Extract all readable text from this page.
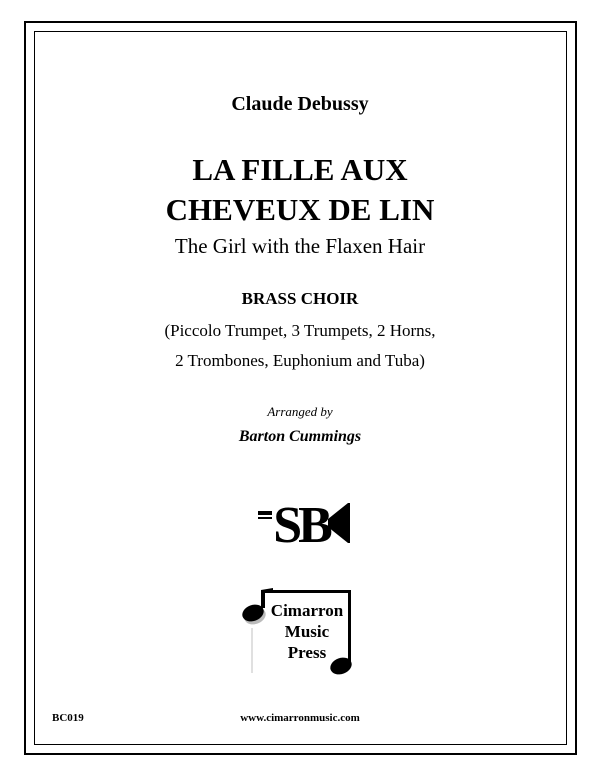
Claude Debussy
LA FILLE AUX
CHEVEUX DE LIN
The Girl with the Flaxen Hair
BRASS CHOIR
(Piccolo Trumpet, 3 Trumpets, 2 Horns,
2 Trombones, Euphonium and Tuba)
Arranged by
Barton Cummings
SB
Cimarron
Music
Press
BC019	www.cimarronmusic.com
